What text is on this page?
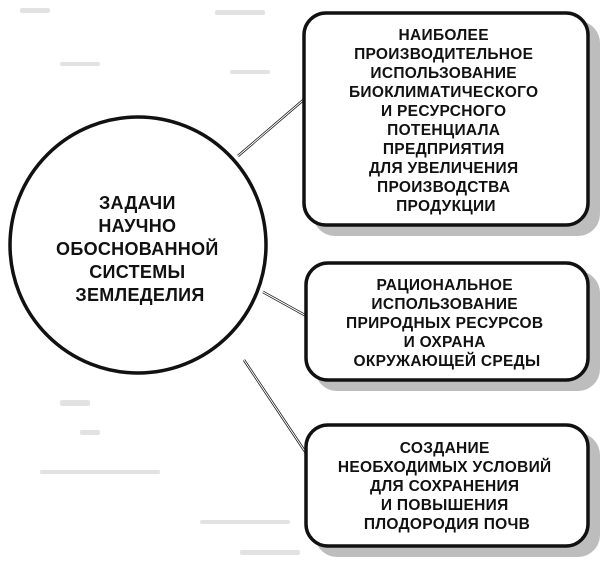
ЗАДАЧИ НАУЧНО ОБОСНОВАННОЙ СИСТЕМЫ ЗЕМЛЕДЕЛИЯ
НАИБОЛЕЕ ПРОИЗВОДИТЕЛЬНОЕ ИСПОЛЬЗОВАНИЕ БИОКЛИМАТИЧЕСКОГО И РЕСУРСНОГО ПОТЕНЦИАЛА ПРЕДПРИЯТИЯ ДЛЯ УВЕЛИЧЕНИЯ ПРОИЗВОДСТВА ПРОДУКЦИИ
РАЦИОНАЛЬНОЕ ИСПОЛЬЗОВАНИЕ ПРИРОДНЫХ РЕСУРСОВ И ОХРАНА ОКРУЖАЮЩЕЙ СРЕДЫ
СОЗДАНИЕ НЕОБХОДИМЫХ УСЛОВИЙ ДЛЯ СОХРАНЕНИЯ И ПОВЫШЕНИЯ ПЛОДОРОДИЯ ПОЧВ
